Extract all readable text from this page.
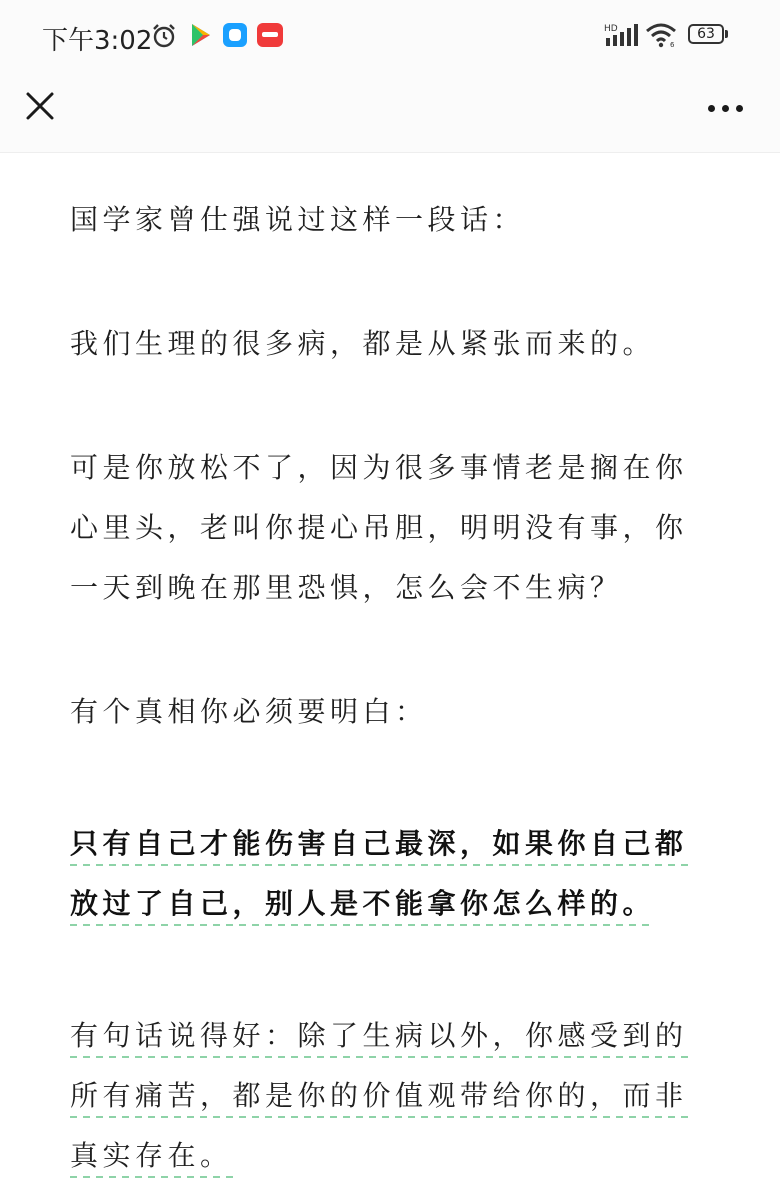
下午3:02	HD
6
63

国学家曾仕强说过这样一段话：

我们生理的很多病，都是从紧张而来的。

可是你放松不了，因为很多事情老是搁在你

心里头，老叫你提心吊胆，明明没有事，你

一天到晚在那里恐惧，怎么会不生病？

有个真相你必须要明白：

只有自己才能伤害自己最深，如果你自己都

放过了自己，别人是不能拿你怎么样的。

有句话说得好：除了生病以外，你感受到的

所有痛苦，都是你的价值观带给你的，而非

真实存在。
